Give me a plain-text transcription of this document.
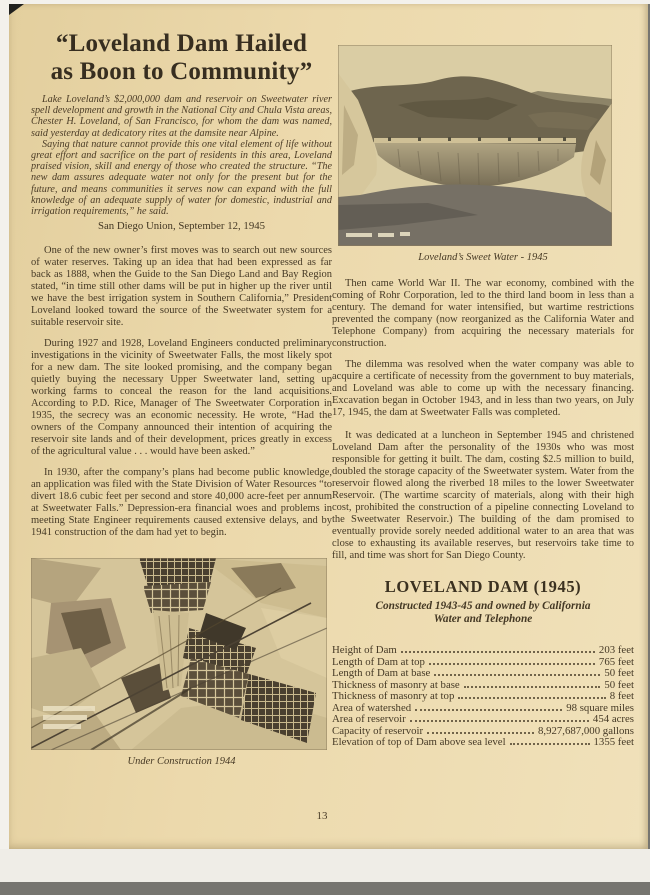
“Loveland Dam Hailed
as Boon to Community”

Lake Loveland’s $2,000,000 dam and reservoir on Sweetwater river spell development and growth in the National City and Chula Vista areas, Chester H. Loveland, of San Francisco, for whom the dam was named, said yesterday at dedicatory rites at the damsite near Alpine.

Saying that nature cannot provide this one vital element of life without great effort and sacrifice on the part of residents in this area, Loveland praised vision, skill and energy of those who created the structure. “The new dam assures adequate water not only for the present but for the future, and means communities it serves now can expand with the full knowledge of an adequate supply of water for domestic, industrial and irrigation requirements,” he said.

San Diego Union, September 12, 1945

One of the new owner’s first moves was to search out new sources of water reserves. Taking up an idea that had been expressed as far back as 1888, when the Guide to the San Diego Land and Bay Region stated, “in time still other dams will be put in higher up the river until we have the best irrigation system in Southern California,” President Loveland looked toward the source of the Sweetwater system for a suitable reservoir site.

During 1927 and 1928, Loveland Engineers conducted preliminary investigations in the vicinity of Sweetwater Falls, the most likely spot for a new dam. The site looked promising, and the company began quietly buying the necessary Upper Sweetwater land, setting up working farms to conceal the reason for the land acquisitions. According to P.D. Rice, Manager of The Sweetwater Corporation in 1935, the secrecy was an economic necessity. He wrote, “Had the owners of the Company announced their intention of acquiring the reservoir site lands and of their development, prices greatly in excess of the agricultural value . . . would have been asked.”

In 1930, after the company’s plans had become public knowledge, an application was filed with the State Division of Water Resources “to divert 18.6 cubic feet per second and store 40,000 acre-feet per annum at Sweetwater Falls.” Depression-era financial woes and problems in meeting State Engineer requirements caused extensive delays, and by 1941 construction of the dam had yet to begin.

Under Construction 1944
Loveland’s Sweet Water - 1945

Then came World War II. The war economy, combined with the coming of Rohr Corporation, led to the third land boom in less than a century. The demand for water intensified, but wartime restrictions prevented the company (now reorganized as the California Water and Telephone Company) from acquiring the necessary materials for construction.

The dilemma was resolved when the water company was able to acquire a certificate of necessity from the government to buy materials, and Loveland was able to come up with the necessary financing. Excavation began in October 1943, and in less than two years, on July 17, 1945, the dam at Sweetwater Falls was completed.

It was dedicated at a luncheon in September 1945 and christened Loveland Dam after the personality of the 1930s who was most responsible for getting it built. The dam, costing $2.5 million to build, doubled the storage capacity of the Sweetwater system. Water from the reservoir flowed along the riverbed 18 miles to the lower Sweetwater Reservoir. (The wartime scarcity of materials, along with their high cost, prohibited the construction of a pipeline connecting Loveland to the Sweetwater Reservoir.) The building of the dam promised to eventually provide sorely needed additional water to an area that was close to exhausting its available reserves, but reservoirs take time to fill, and time was short for San Diego County.

LOVELAND DAM (1945)
Constructed 1943-45 and owned by California
Water and Telephone
Height of Dam	203 feet
Length of Dam at top	765 feet
Length of Dam at base	50 feet
Thickness of masonry at base	50 feet
Thickness of masonry at top	8 feet
Area of watershed	98 square miles
Area of reservoir	454 acres
Capacity of reservoir	8,927,687,000 gallons
Elevation of top of Dam above sea level	1355 feet
13
